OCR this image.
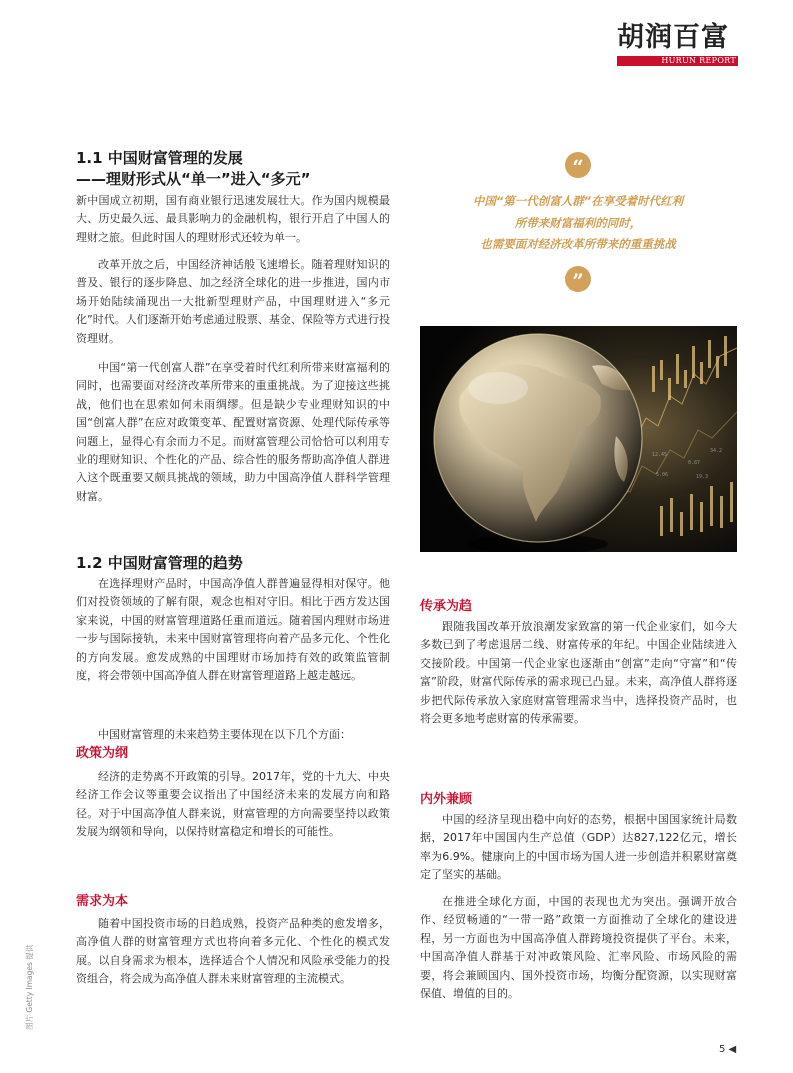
胡润百富
HURUN REPORT
1.1 中国财富管理的发展
——理财形式从“单一”进入“多元”
新中国成立初期，国有商业银行迅速发展壮大。作为国内规模最大、历史最久远、最具影响力的金融机构，银行开启了中国人的理财之旅。但此时国人的理财形式还较为单一。
改革开放之后，中国经济神话般飞速增长。随着理财知识的普及、银行的逐步降息、加之经济全球化的进一步推进，国内市场开始陆续涌现出一大批新型理财产品，中国理财进入“多元化”时代。人们逐渐开始考虑通过股票、基金、保险等方式进行投资理财。
中国“第一代创富人群”在享受着时代红利所带来财富福利的同时，也需要面对经济改革所带来的重重挑战。为了迎接这些挑战，他们也在思索如何未雨绸缪。但是缺少专业理财知识的中国“创富人群”在应对政策变革、配置财富资源、处理代际传承等问题上，显得心有余而力不足。而财富管理公司恰恰可以利用专业的理财知识、个性化的产品、综合性的服务帮助高净值人群进入这个既重要又颇具挑战的领域，助力中国高净值人群科学管理财富。
1.2 中国财富管理的趋势
在选择理财产品时，中国高净值人群普遍显得相对保守。他们对投资领域的了解有限，观念也相对守旧。相比于西方发达国家来说，中国的财富管理道路任重而道远。随着国内理财市场进一步与国际接轨，未来中国财富管理将向着产品多元化、个性化的方向发展。愈发成熟的中国理财市场加持有效的政策监管制度，将会带领中国高净值人群在财富管理道路上越走越远。
中国财富管理的未来趋势主要体现在以下几个方面：
政策为纲
经济的走势离不开政策的引导。2017年，党的十九大、中央经济工作会议等重要会议指出了中国经济未来的发展方向和路径。对于中国高净值人群来说，财富管理的方向需要坚持以政策发展为纲领和导向，以保持财富稳定和增长的可能性。
需求为本
随着中国投资市场的日趋成熟，投资产品种类的愈发增多，高净值人群的财富管理方式也将向着多元化、个性化的模式发展。以自身需求为根本，选择适合个人情况和风险承受能力的投资组合，将会成为高净值人群未来财富管理的主流模式。
“
中国“第一代创富人群”在享受着时代红利
所带来财富福利的同时，
也需要面对经济改革所带来的重重挑战
”
12.45
0.87
34.2
5.06	19.3
传承为趋
跟随我国改革开放浪潮发家致富的第一代企业家们，如今大多数已到了考虑退居二线、财富传承的年纪。中国企业陆续进入交接阶段。中国第一代企业家也逐渐由“创富”走向“守富”和“传富”阶段，财富代际传承的需求现已凸显。未来，高净值人群将逐步把代际传承放入家庭财富管理需求当中，选择投资产品时，也将会更多地考虑财富的传承需要。
内外兼顾
中国的经济呈现出稳中向好的态势，根据中国国家统计局数据，2017年中国国内生产总值（GDP）达827,122亿元，增长率为6.9%。健康向上的中国市场为国人进一步创造并积累财富奠定了坚实的基础。
在推进全球化方面，中国的表现也尤为突出。强调开放合作、经贸畅通的“一带一路”政策一方面推动了全球化的建设进程，另一方面也为中国高净值人群跨境投资提供了平台。未来，中国高净值人群基于对冲政策风险、汇率风险、市场风险的需要，将会兼顾国内、国外投资市场，均衡分配资源，以实现财富保值、增值的目的。
图片 Getty Images 提供
5 ◀
